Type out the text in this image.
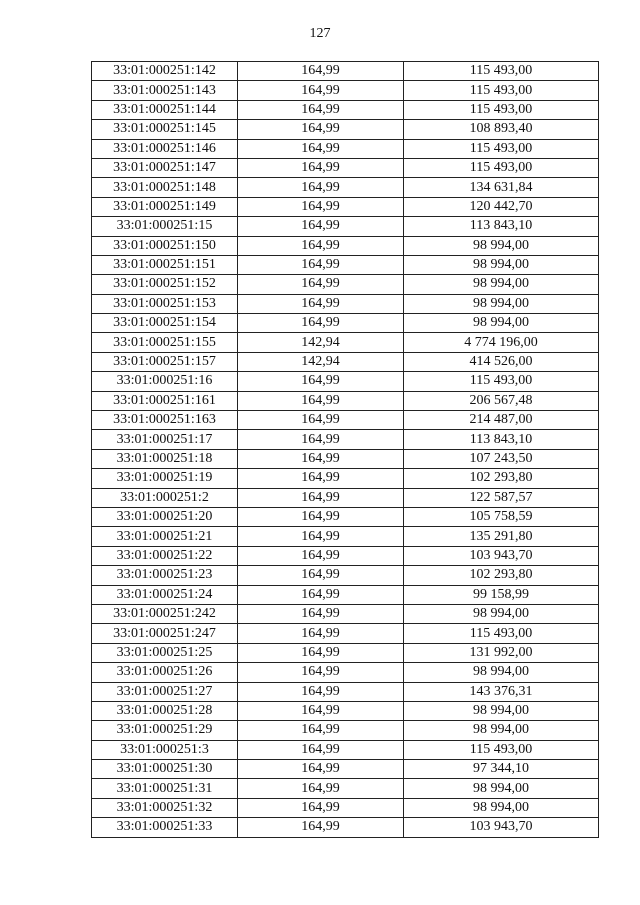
127
33:01:000251:142	164,99	115 493,00
33:01:000251:143	164,99	115 493,00
33:01:000251:144	164,99	115 493,00
33:01:000251:145	164,99	108 893,40
33:01:000251:146	164,99	115 493,00
33:01:000251:147	164,99	115 493,00
33:01:000251:148	164,99	134 631,84
33:01:000251:149	164,99	120 442,70
33:01:000251:15	164,99	113 843,10
33:01:000251:150	164,99	98 994,00
33:01:000251:151	164,99	98 994,00
33:01:000251:152	164,99	98 994,00
33:01:000251:153	164,99	98 994,00
33:01:000251:154	164,99	98 994,00
33:01:000251:155	142,94	4 774 196,00
33:01:000251:157	142,94	414 526,00
33:01:000251:16	164,99	115 493,00
33:01:000251:161	164,99	206 567,48
33:01:000251:163	164,99	214 487,00
33:01:000251:17	164,99	113 843,10
33:01:000251:18	164,99	107 243,50
33:01:000251:19	164,99	102 293,80
33:01:000251:2	164,99	122 587,57
33:01:000251:20	164,99	105 758,59
33:01:000251:21	164,99	135 291,80
33:01:000251:22	164,99	103 943,70
33:01:000251:23	164,99	102 293,80
33:01:000251:24	164,99	99 158,99
33:01:000251:242	164,99	98 994,00
33:01:000251:247	164,99	115 493,00
33:01:000251:25	164,99	131 992,00
33:01:000251:26	164,99	98 994,00
33:01:000251:27	164,99	143 376,31
33:01:000251:28	164,99	98 994,00
33:01:000251:29	164,99	98 994,00
33:01:000251:3	164,99	115 493,00
33:01:000251:30	164,99	97 344,10
33:01:000251:31	164,99	98 994,00
33:01:000251:32	164,99	98 994,00
33:01:000251:33	164,99	103 943,70
